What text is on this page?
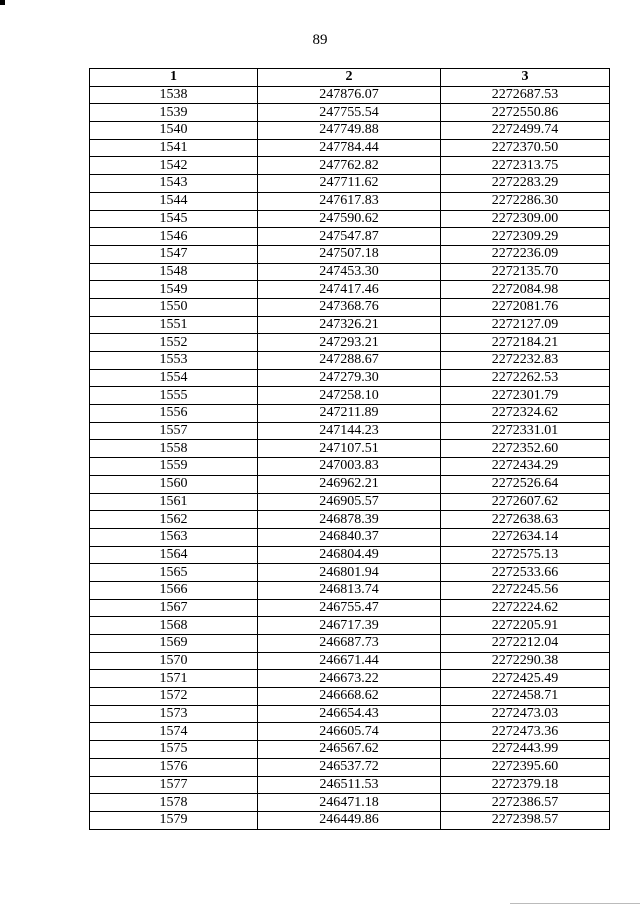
89
1	2	3
1538	247876.07	2272687.53
1539	247755.54	2272550.86
1540	247749.88	2272499.74
1541	247784.44	2272370.50
1542	247762.82	2272313.75
1543	247711.62	2272283.29
1544	247617.83	2272286.30
1545	247590.62	2272309.00
1546	247547.87	2272309.29
1547	247507.18	2272236.09
1548	247453.30	2272135.70
1549	247417.46	2272084.98
1550	247368.76	2272081.76
1551	247326.21	2272127.09
1552	247293.21	2272184.21
1553	247288.67	2272232.83
1554	247279.30	2272262.53
1555	247258.10	2272301.79
1556	247211.89	2272324.62
1557	247144.23	2272331.01
1558	247107.51	2272352.60
1559	247003.83	2272434.29
1560	246962.21	2272526.64
1561	246905.57	2272607.62
1562	246878.39	2272638.63
1563	246840.37	2272634.14
1564	246804.49	2272575.13
1565	246801.94	2272533.66
1566	246813.74	2272245.56
1567	246755.47	2272224.62
1568	246717.39	2272205.91
1569	246687.73	2272212.04
1570	246671.44	2272290.38
1571	246673.22	2272425.49
1572	246668.62	2272458.71
1573	246654.43	2272473.03
1574	246605.74	2272473.36
1575	246567.62	2272443.99
1576	246537.72	2272395.60
1577	246511.53	2272379.18
1578	246471.18	2272386.57
1579	246449.86	2272398.57
